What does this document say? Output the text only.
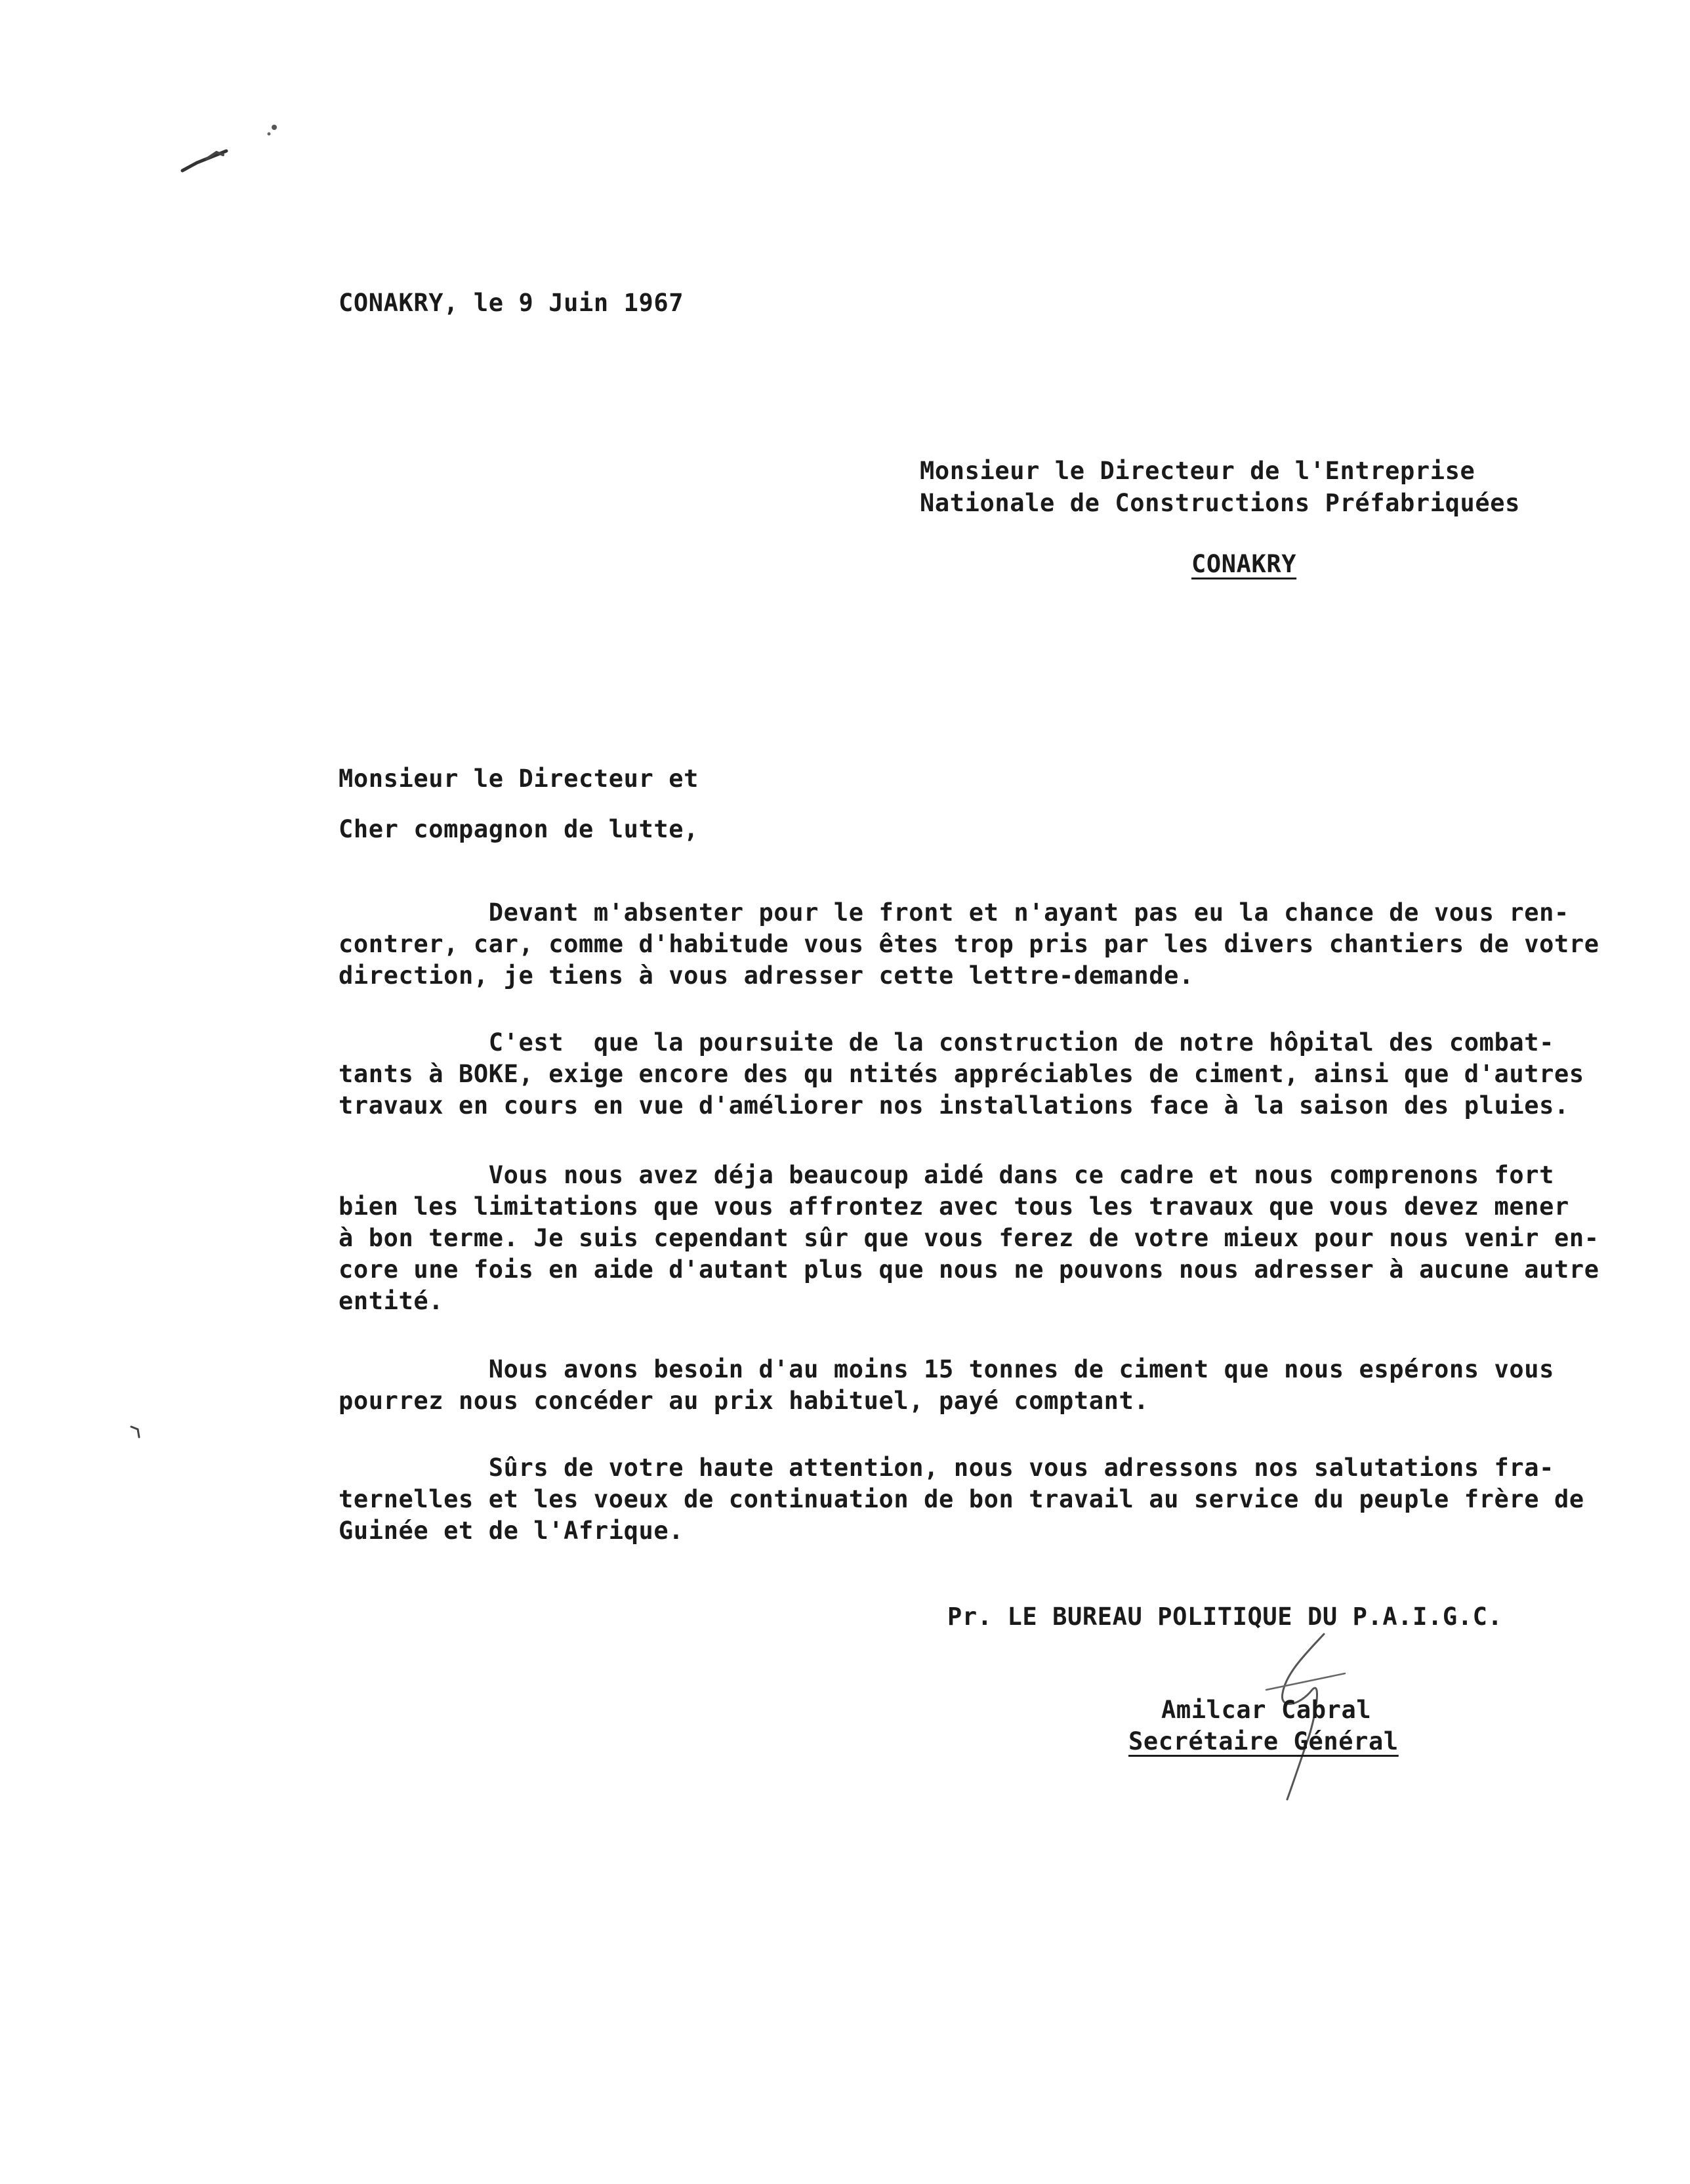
CONAKRY, le 9 Juin 1967
Monsieur le Directeur de l'Entreprise
Nationale de Constructions Préfabriquées
CONAKRY
Monsieur le Directeur et
Cher compagnon de lutte,
Devant m'absenter pour le front et n'ayant pas eu la chance de vous ren-
contrer, car, comme d'habitude vous êtes trop pris par les divers chantiers de votre
direction, je tiens à vous adresser cette lettre-demande.
C'est  que la poursuite de la construction de notre hôpital des combat-
tants à BOKE, exige encore des qu ntités appréciables de ciment, ainsi que d'autres
travaux en cours en vue d'améliorer nos installations face à la saison des pluies.
Vous nous avez déja beaucoup aidé dans ce cadre et nous comprenons fort
bien les limitations que vous affrontez avec tous les travaux que vous devez mener
à bon terme. Je suis cependant sûr que vous ferez de votre mieux pour nous venir en-
core une fois en aide d'autant plus que nous ne pouvons nous adresser à aucune autre
entité.
Nous avons besoin d'au moins 15 tonnes de ciment que nous espérons vous
pourrez nous concéder au prix habituel, payé comptant.
Sûrs de votre haute attention, nous vous adressons nos salutations fra-
ternelles et les voeux de continuation de bon travail au service du peuple frère de
Guinée et de l'Afrique.
Pr. LE BUREAU POLITIQUE DU P.A.I.G.C.
Amilcar Cabral
Secrétaire Général
